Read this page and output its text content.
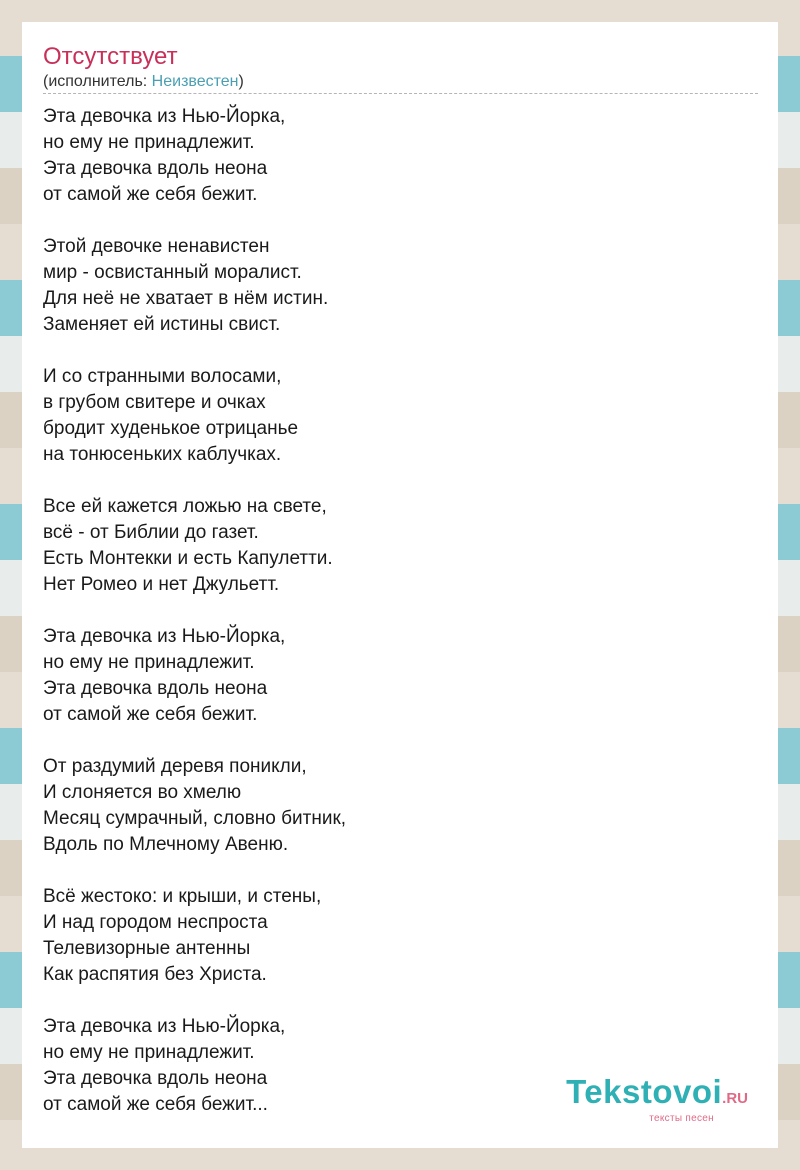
Отсутствует
(исполнитель: Неизвестен)
Эта девочка из Нью-Йорка,
но ему не принадлежит.
Эта девочка вдоль неона
от самой же себя бежит.
Этой девочке ненавистен
мир - освистанный моралист.
Для неё не хватает в нём истин.
Заменяет ей истины свист.
И со странными волосами,
в грубом свитере и очках
бродит худенькое отрицанье
на тонюсеньких каблучках.
Все ей кажется ложью на свете,
всё - от Библии до газет.
Есть Монтекки и есть Капулетти.
Нет Ромео и нет Джульетт.
Эта девочка из Нью-Йорка,
но ему не принадлежит.
Эта девочка вдоль неона
от самой же себя бежит.
От раздумий деревя поникли,
И слоняется во хмелю
Месяц сумрачный, словно битник,
Вдоль по Млечному Авеню.
Всё жестоко: и крыши, и стены,
И над городом неспроста
Телевизорные антенны
Как распятия без Христа.
Эта девочка из Нью-Йорка,
но ему не принадлежит.
Эта девочка вдоль неона
от самой же себя бежит...	Tekstovoi.RU
тексты песен
